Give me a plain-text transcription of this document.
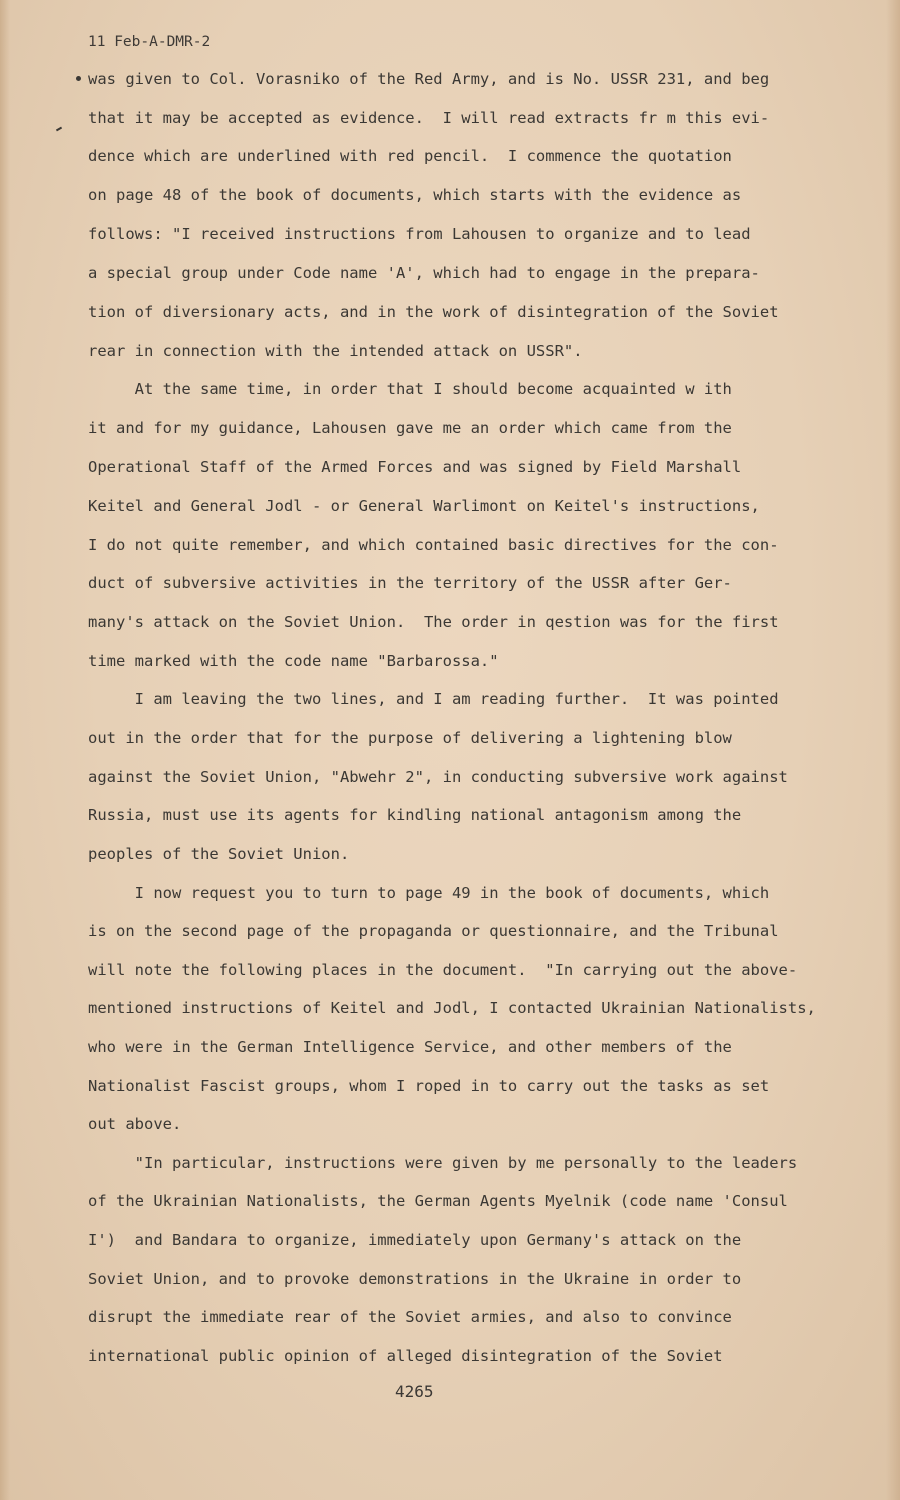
11 Feb-A-DMR-2
was given to Col. Vorasniko of the Red Army, and is No. USSR 231, and beg
that it may be accepted as evidence.  I will read extracts fr m this evi-
dence which are underlined with red pencil.  I commence the quotation
on page 48 of the book of documents, which starts with the evidence as
follows: "I received instructions from Lahousen to organize and to lead
a special group under Code name 'A', which had to engage in the prepara-
tion of diversionary acts, and in the work of disintegration of the Soviet
rear in connection with the intended attack on USSR".
At the same time, in order that I should become acquainted w ith
it and for my guidance, Lahousen gave me an order which came from the
Operational Staff of the Armed Forces and was signed by Field Marshall
Keitel and General Jodl - or General Warlimont on Keitel's instructions,
I do not quite remember, and which contained basic directives for the con-
duct of subversive activities in the territory of the USSR after Ger-
many's attack on the Soviet Union.  The order in qestion was for the first
time marked with the code name "Barbarossa."
I am leaving the two lines, and I am reading further.  It was pointed
out in the order that for the purpose of delivering a lightening blow
against the Soviet Union, "Abwehr 2", in conducting subversive work against
Russia, must use its agents for kindling national antagonism among the
peoples of the Soviet Union.
I now request you to turn to page 49 in the book of documents, which
is on the second page of the propaganda or questionnaire, and the Tribunal
will note the following places in the document.  "In carrying out the above-
mentioned instructions of Keitel and Jodl, I contacted Ukrainian Nationalists,
who were in the German Intelligence Service, and other members of the
Nationalist Fascist groups, whom I roped in to carry out the tasks as set
out above.
"In particular, instructions were given by me personally to the leaders
of the Ukrainian Nationalists, the German Agents Myelnik (code name 'Consul
I')  and Bandara to organize, immediately upon Germany's attack on the
Soviet Union, and to provoke demonstrations in the Ukraine in order to
disrupt the immediate rear of the Soviet armies, and also to convince
international public opinion of alleged disintegration of the Soviet
4265
